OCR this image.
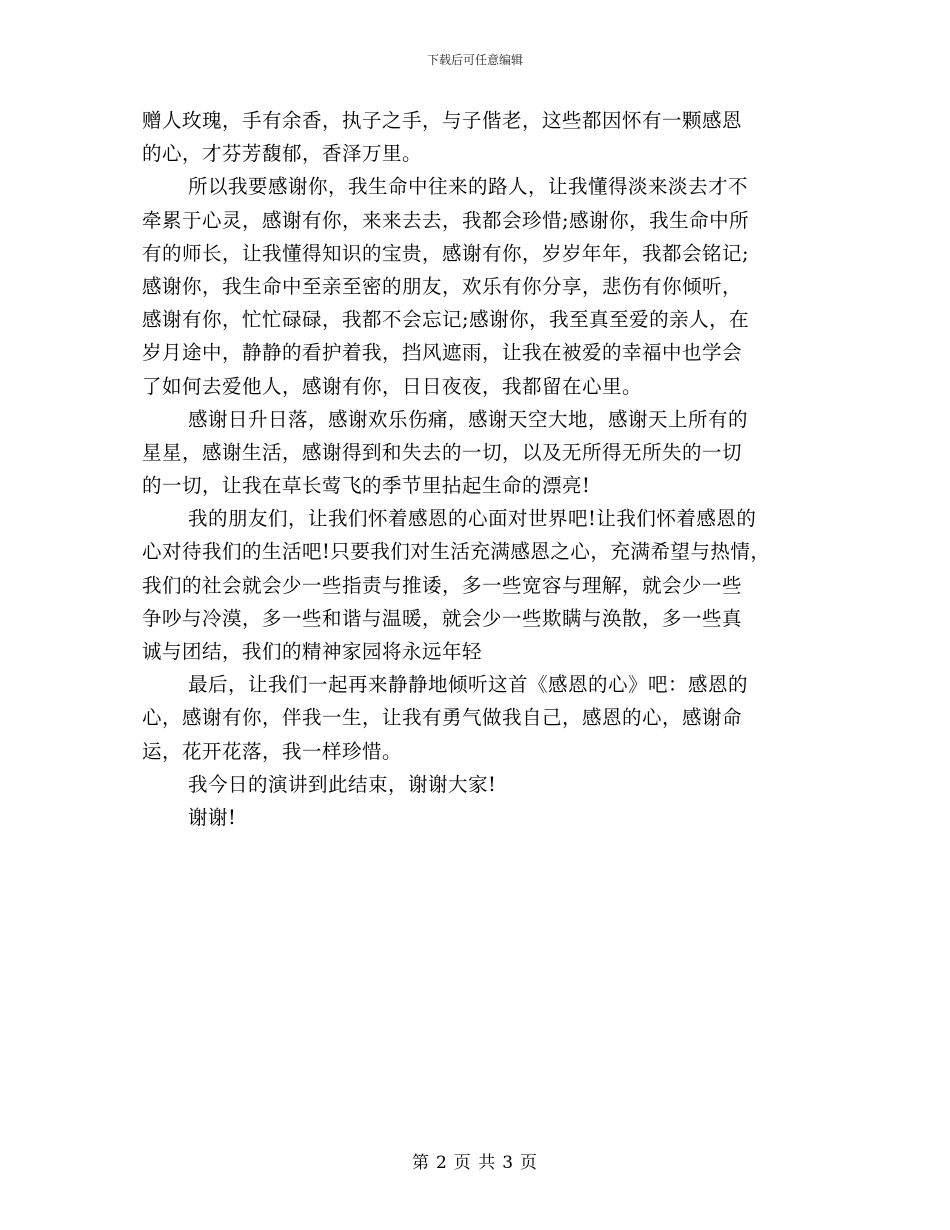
下载后可任意编辑
赠人玫瑰，手有余香，执子之手，与子偕老，这些都因怀有一颗感恩
的心，才芬芳馥郁，香泽万里。
所以我要感谢你，我生命中往来的路人，让我懂得淡来淡去才不
牵累于心灵，感谢有你，来来去去，我都会珍惜;感谢你，我生命中所
有的师长，让我懂得知识的宝贵，感谢有你，岁岁年年，我都会铭记;
感谢你，我生命中至亲至密的朋友，欢乐有你分享，悲伤有你倾听，
感谢有你，忙忙碌碌，我都不会忘记;感谢你，我至真至爱的亲人，在
岁月途中，静静的看护着我，挡风遮雨，让我在被爱的幸福中也学会
了如何去爱他人，感谢有你，日日夜夜，我都留在心里。
感谢日升日落，感谢欢乐伤痛，感谢天空大地，感谢天上所有的
星星，感谢生活，感谢得到和失去的一切，以及无所得无所失的一切
的一切，让我在草长莺飞的季节里拈起生命的漂亮!
我的朋友们，让我们怀着感恩的心面对世界吧!让我们怀着感恩的
心对待我们的生活吧!只要我们对生活充满感恩之心，充满希望与热情，
我们的社会就会少一些指责与推诿，多一些宽容与理解，就会少一些
争吵与冷漠，多一些和谐与温暖，就会少一些欺瞒与涣散，多一些真
诚与团结，我们的精神家园将永远年轻
最后，让我们一起再来静静地倾听这首《感恩的心》吧：感恩的
心，感谢有你，伴我一生，让我有勇气做我自己，感恩的心，感谢命
运，花开花落，我一样珍惜。
我今日的演讲到此结束，谢谢大家!
谢谢!
第 2 页 共 3 页
